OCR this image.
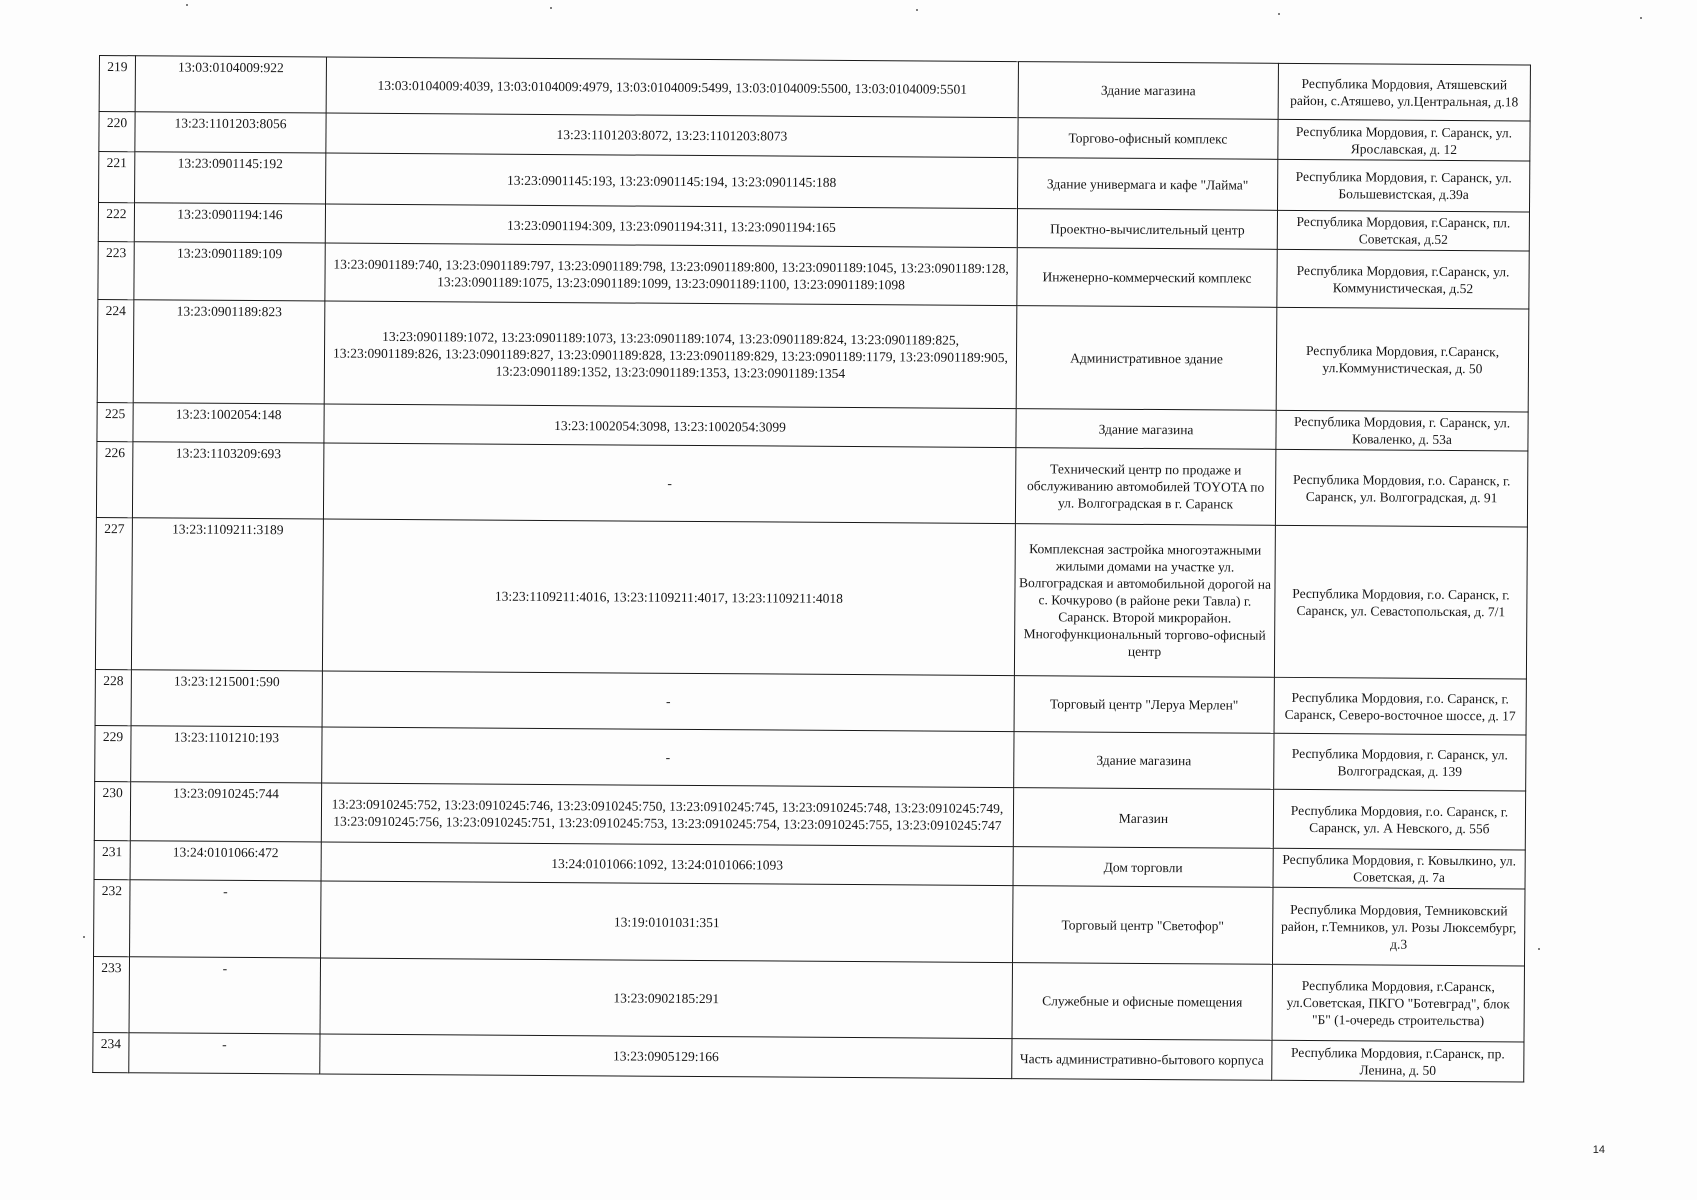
219	13:03:0104009:922	13:03:0104009:4039, 13:03:0104009:4979, 13:03:0104009:5499, 13:03:0104009:5500, 13:03:0104009:5501	Здание магазина	Республика Мордовия, Атяшевский район, с.Атяшево, ул.Центральная, д.18
220	13:23:1101203:8056	13:23:1101203:8072, 13:23:1101203:8073	Торгово-офисный комплекс	Республика Мордовия, г. Саранск, ул. Ярославская, д. 12
221	13:23:0901145:192	13:23:0901145:193, 13:23:0901145:194, 13:23:0901145:188	Здание универмага и кафе "Лайма"	Республика Мордовия, г. Саранск, ул. Большевистская, д.39а
222	13:23:0901194:146	13:23:0901194:309, 13:23:0901194:311, 13:23:0901194:165	Проектно-вычислительный центр	Республика Мордовия, г.Саранск, пл. Советская, д.52
223	13:23:0901189:109	13:23:0901189:740, 13:23:0901189:797, 13:23:0901189:798, 13:23:0901189:800, 13:23:0901189:1045, 13:23:0901189:128, 13:23:0901189:1075, 13:23:0901189:1099, 13:23:0901189:1100, 13:23:0901189:1098	Инженерно-коммерческий комплекс	Республика Мордовия, г.Саранск, ул. Коммунистическая, д.52
224	13:23:0901189:823	13:23:0901189:1072, 13:23:0901189:1073, 13:23:0901189:1074, 13:23:0901189:824, 13:23:0901189:825, 13:23:0901189:826, 13:23:0901189:827, 13:23:0901189:828, 13:23:0901189:829, 13:23:0901189:1179, 13:23:0901189:905, 13:23:0901189:1352, 13:23:0901189:1353, 13:23:0901189:1354	Административное здание	Республика Мордовия, г.Саранск, ул.Коммунистическая, д. 50
225	13:23:1002054:148	13:23:1002054:3098, 13:23:1002054:3099	Здание магазина	Республика Мордовия, г. Саранск, ул. Коваленко, д. 53а
226	13:23:1103209:693	-	Технический центр по продаже и обслуживанию автомобилей TOYOTA по ул. Волгоградская в г. Саранск	Республика Мордовия, г.о. Саранск, г. Саранск, ул. Волгоградская, д. 91
227	13:23:1109211:3189	13:23:1109211:4016, 13:23:1109211:4017, 13:23:1109211:4018	Комплексная застройка многоэтажными жилыми домами на участке ул. Волгоградская и автомобильной дорогой на с. Кочкурово (в районе реки Тавла) г. Саранск. Второй микрорайон. Многофункциональный торгово-офисный центр	Республика Мордовия, г.о. Саранск, г. Саранск, ул. Севастопольская, д. 7/1
228	13:23:1215001:590	-	Торговый центр "Леруа Мерлен"	Республика Мордовия, г.о. Саранск, г. Саранск, Северо-восточное шоссе, д. 17
229	13:23:1101210:193	-	Здание магазина	Республика Мордовия, г. Саранск, ул. Волгоградская, д. 139
230	13:23:0910245:744	13:23:0910245:752, 13:23:0910245:746, 13:23:0910245:750, 13:23:0910245:745, 13:23:0910245:748, 13:23:0910245:749, 13:23:0910245:756, 13:23:0910245:751, 13:23:0910245:753, 13:23:0910245:754, 13:23:0910245:755, 13:23:0910245:747	Магазин	Республика Мордовия, г.о. Саранск, г. Саранск, ул. А Невского, д. 55б
231	13:24:0101066:472	13:24:0101066:1092, 13:24:0101066:1093	Дом торговли	Республика Мордовия, г. Ковылкино, ул. Советская, д. 7а
232	-	13:19:0101031:351	Торговый центр "Светофор"	Республика Мордовия, Темниковский район, г.Темников, ул. Розы Люксембург, д.3
233	-	13:23:0902185:291	Служебные и офисные помещения	Республика Мордовия, г.Саранск, ул.Советская, ПКГО "Ботевград", блок "Б" (1-очередь строительства)
234	-	13:23:0905129:166	Часть административно-бытового корпуса	Республика Мордовия, г.Саранск, пр. Ленина, д. 50
14
